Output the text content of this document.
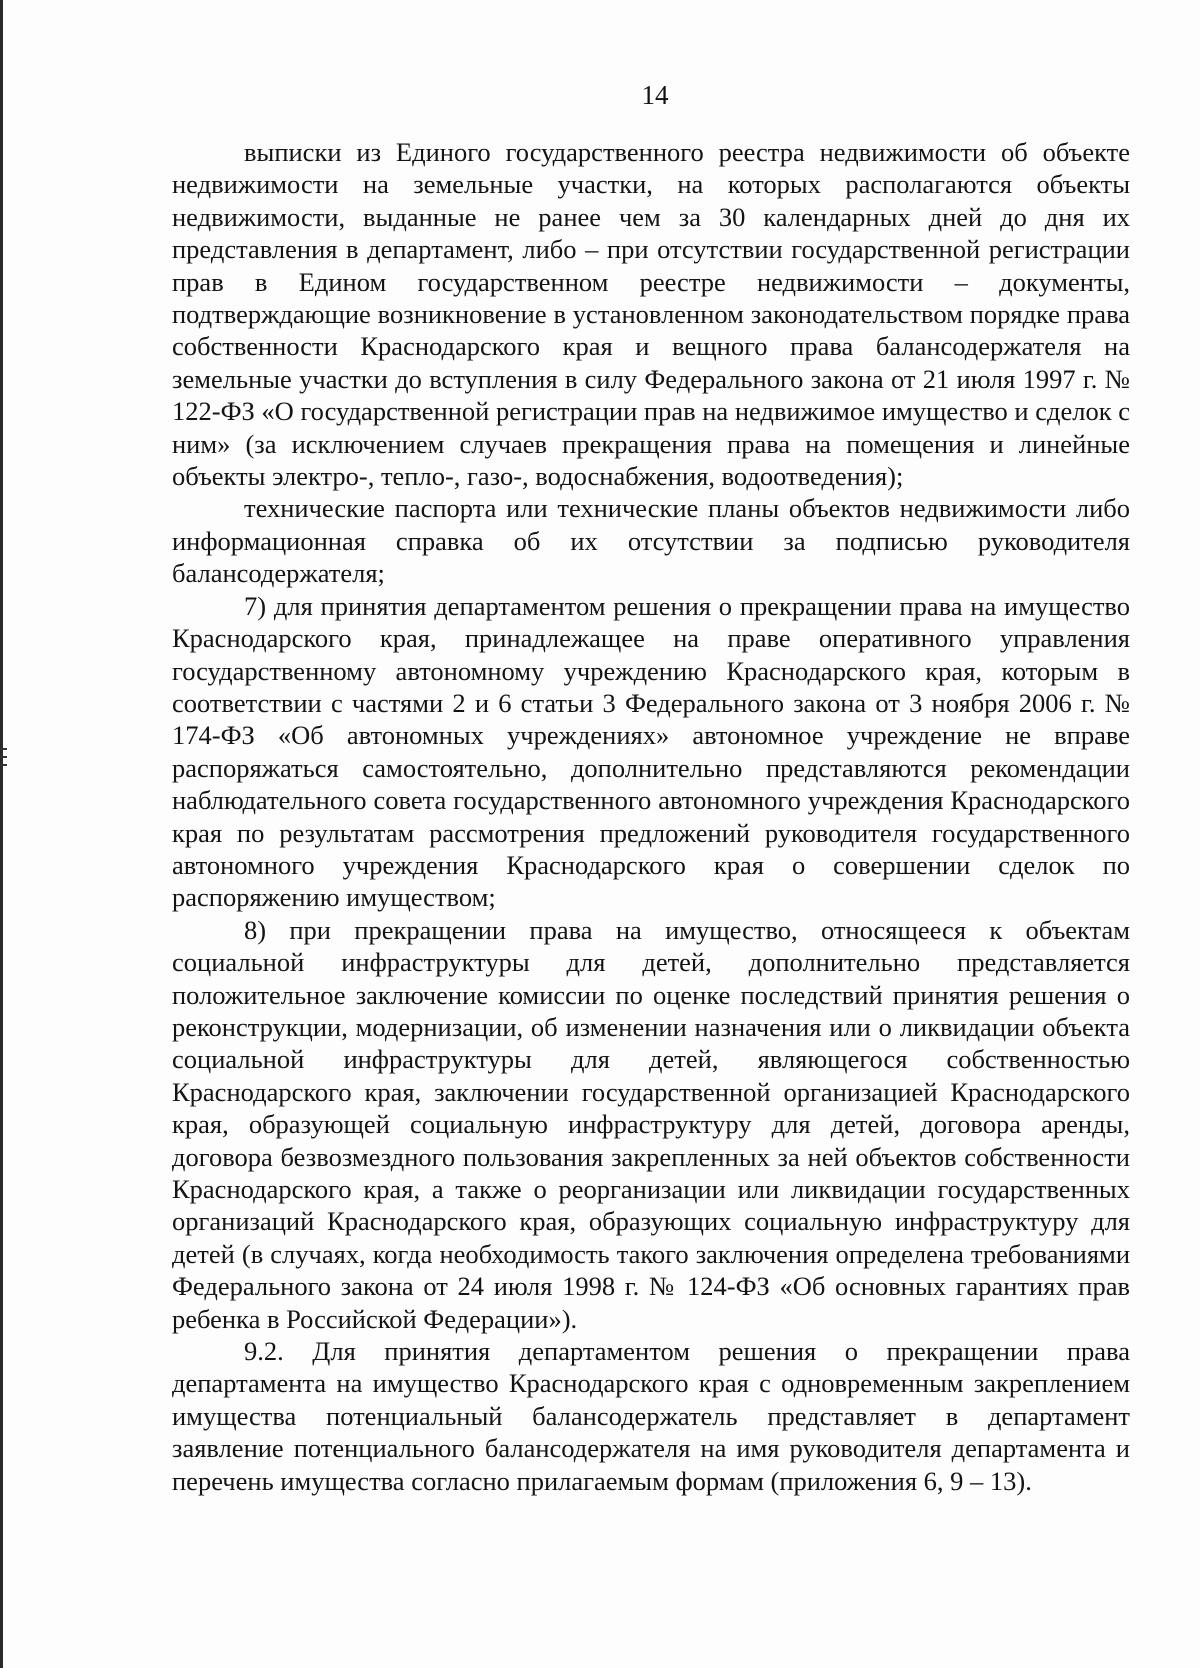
14

выписки из Единого государственного реестра недвижимости об объекте недвижимости на земельные участки, на которых располагаются объекты недвижимости, выданные не ранее чем за 30 календарных дней до дня их представления в департамент, либо – при отсутствии государственной регистрации прав в Едином государственном реестре недвижимости – документы, подтверждающие возникновение в установленном законодательством порядке права собственности Краснодарского края и вещного права балансодержателя на земельные участки до вступления в силу Федерального закона от 21 июля 1997 г. № 122-ФЗ «О государственной регистрации прав на недвижимое имущество и сделок с ним» (за исключением случаев прекращения права на помещения и линейные объекты электро-, тепло-, газо-, водоснабжения, водоотведения);

технические паспорта или технические планы объектов недвижимости либо информационная справка об их отсутствии за подписью руководителя балансодержателя;

7) для принятия департаментом решения о прекращении права на имущество Краснодарского края, принадлежащее на праве оперативного управления государственному автономному учреждению Краснодарского края, которым в соответствии с частями 2 и 6 статьи 3 Федерального закона от 3 ноября 2006 г. № 174-ФЗ «Об автономных учреждениях» автономное учреждение не вправе распоряжаться самостоятельно, дополнительно представляются рекомендации наблюдательного совета государственного автономного учреждения Краснодарского края по результатам рассмотрения предложений руководителя государственного автономного учреждения Краснодарского края о совершении сделок по распоряжению имуществом;

8) при прекращении права на имущество, относящееся к объектам социальной инфраструктуры для детей, дополнительно представляется положительное заключение комиссии по оценке последствий принятия решения о реконструкции, модернизации, об изменении назначения или о ликвидации объекта социальной инфраструктуры для детей, являющегося собственностью Краснодарского края, заключении государственной организацией Краснодарского края, образующей социальную инфраструктуру для детей, договора аренды, договора безвозмездного пользования закрепленных за ней объектов собственности Краснодарского края, а также о реорганизации или ликвидации государственных организаций Краснодарского края, образующих социальную инфраструктуру для детей (в случаях, когда необходимость такого заключения определена требованиями Федерального закона от 24 июля 1998 г. № 124-ФЗ «Об основных гарантиях прав ребенка в Российской Федерации»).

9.2. Для принятия департаментом решения о прекращении права департамента на имущество Краснодарского края с одновременным закреплением имущества потенциальный балансодержатель представляет в департамент заявление потенциального балансодержателя на имя руководителя департамента и перечень имущества согласно прилагаемым формам (приложения 6, 9 – 13).
